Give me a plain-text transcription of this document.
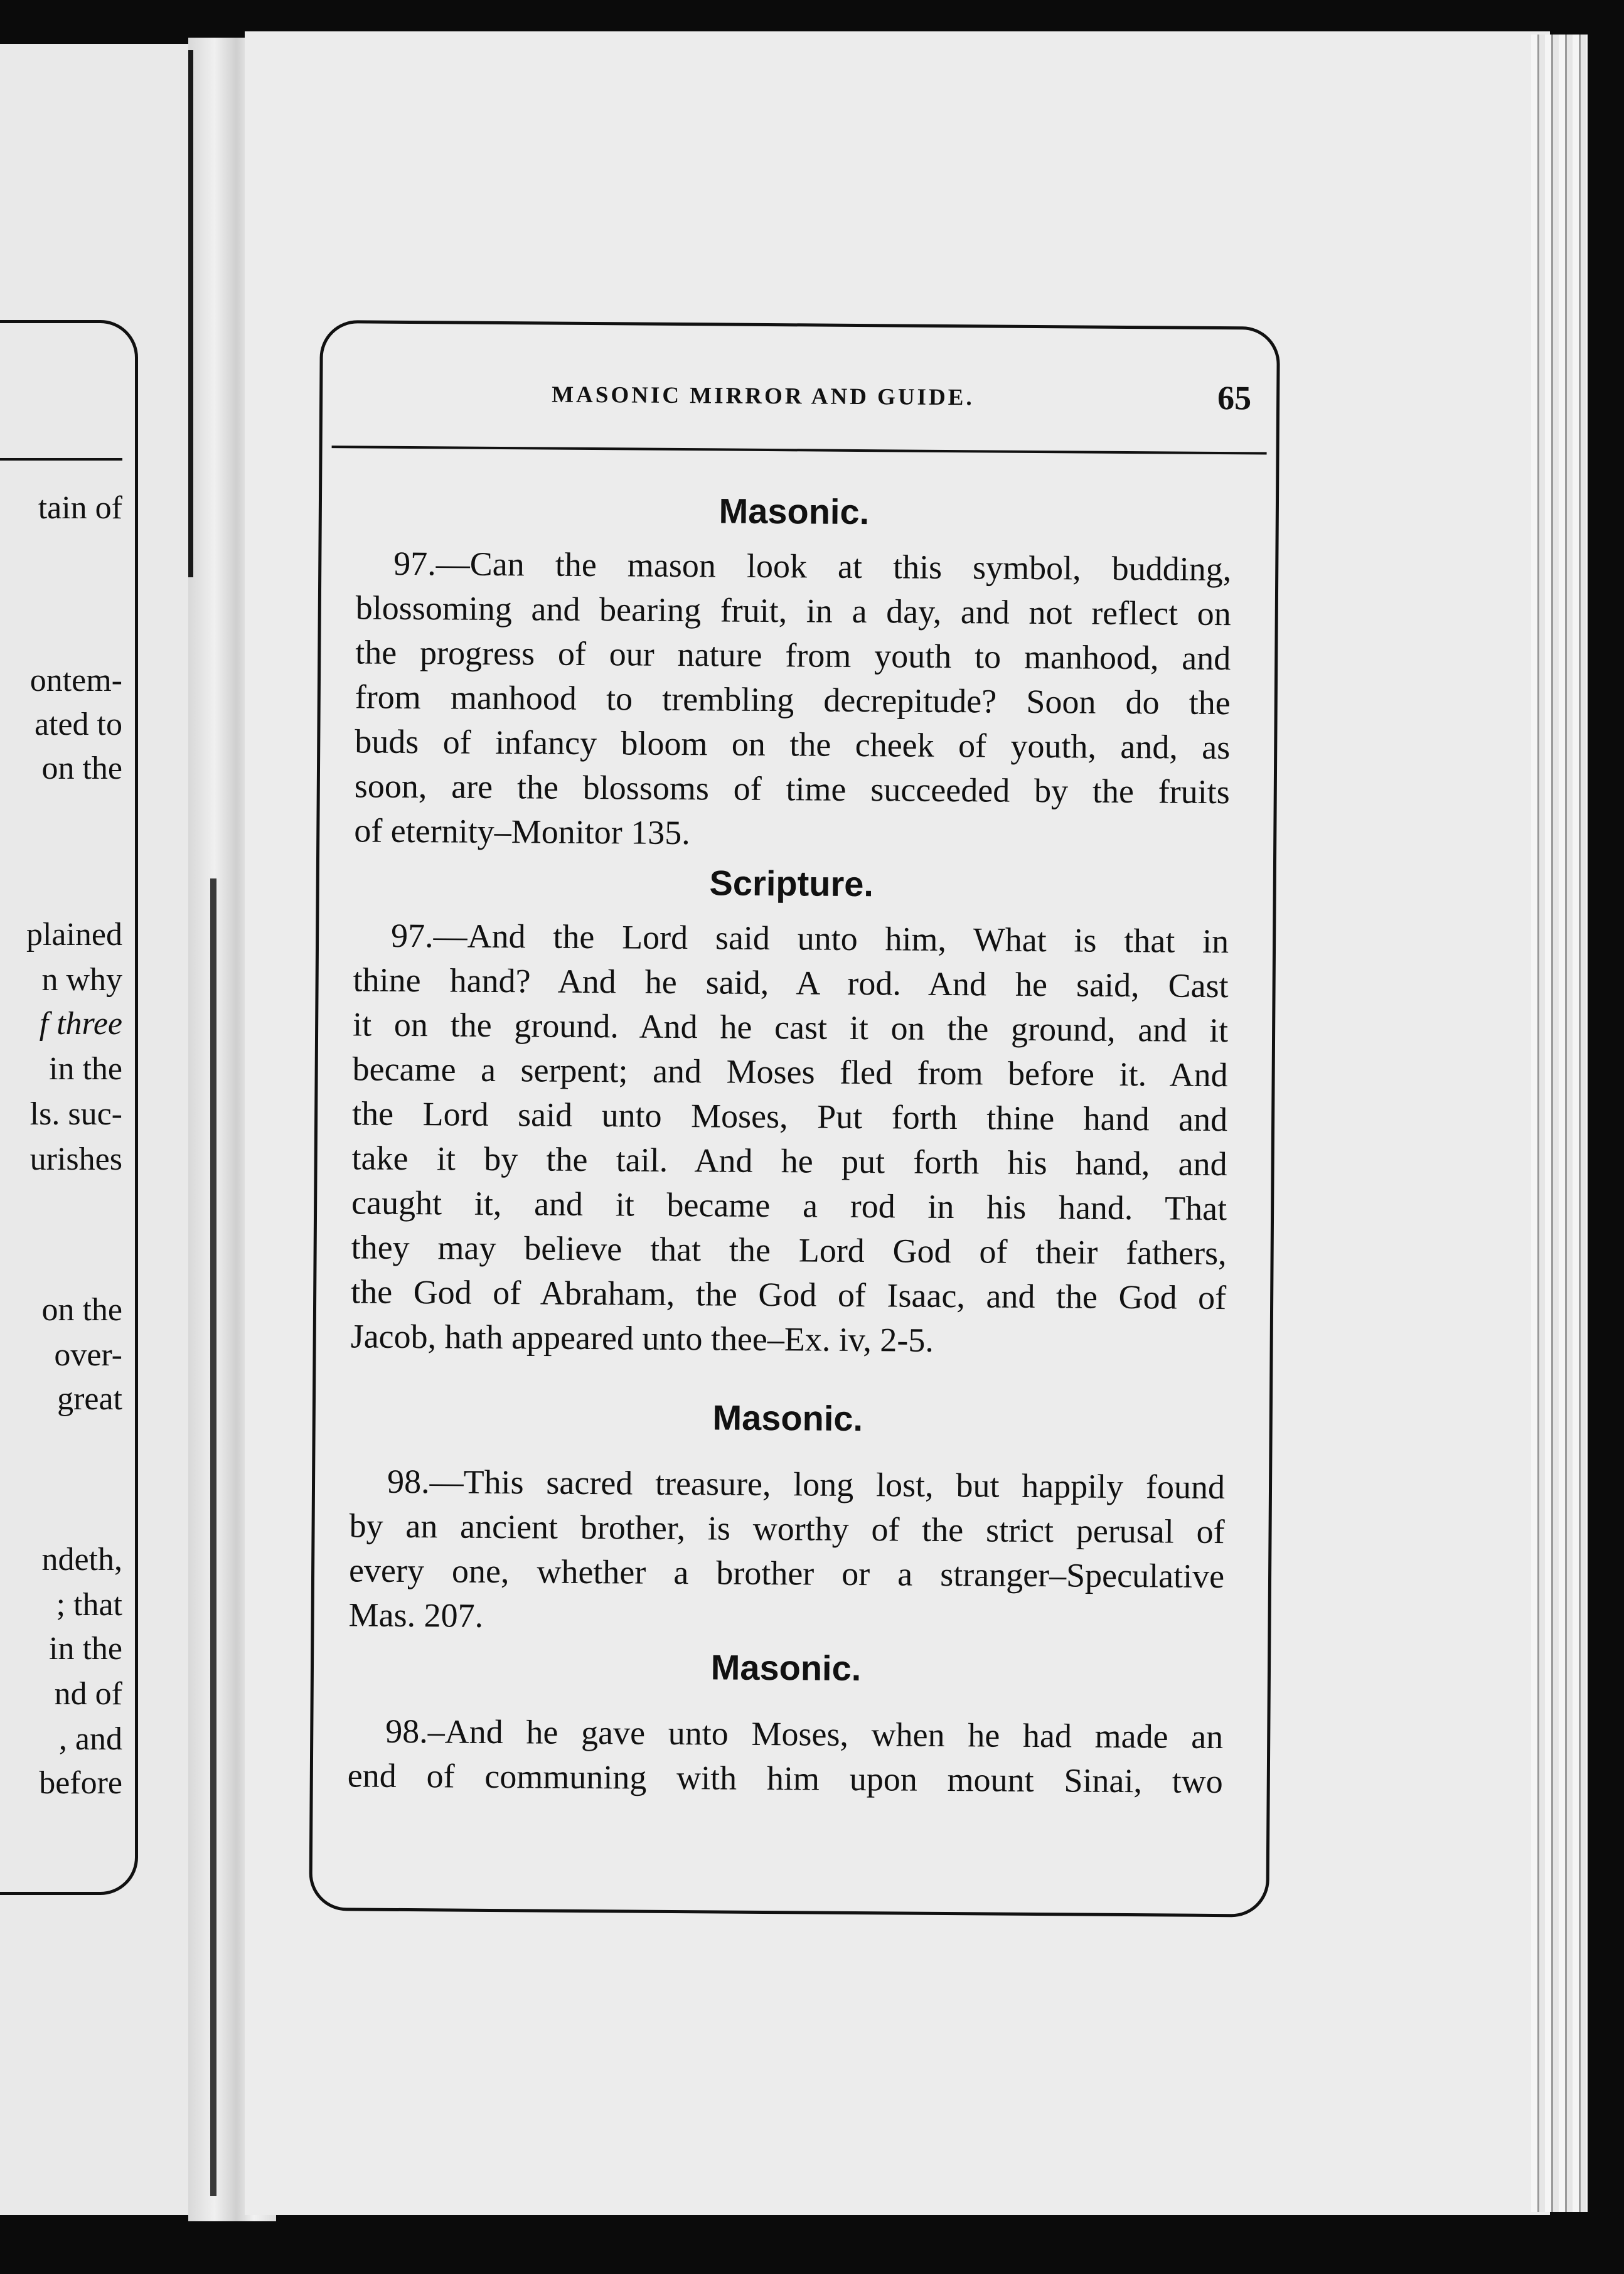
tain of
ontem-
ated to
on the
plained
n why
f three
in the
ls. suc-
urishes
on the
over-
great
ndeth,
; that
in the
nd of
, and
before
MASONIC MIRROR AND GUIDE.	65
Masonic.

97.—Can the mason look at this symbol, budding,
blossoming and bearing fruit, in a day, and not reflect on
the progress of our nature from youth to manhood, and
from manhood to trembling decrepitude? Soon do the
buds of infancy bloom on the cheek of youth, and, as
soon, are the blossoms of time succeeded by the fruits
of eternity–Monitor 135.

Scripture.

97.—And the Lord said unto him, What is that in
thine hand? And he said, A rod. And he said, Cast
it on the ground. And he cast it on the ground, and it
became a serpent; and Moses fled from before it. And
the Lord said unto Moses, Put forth thine hand and
take it by the tail. And he put forth his hand, and
caught it, and it became a rod in his hand. That
they may believe that the Lord God of their fathers,
the God of Abraham, the God of Isaac, and the God of
Jacob, hath appeared unto thee–Ex. iv, 2-5.

Masonic.

98.—This sacred treasure, long lost, but happily found
by an ancient brother, is worthy of the strict perusal of
every one, whether a brother or a stranger–Speculative
Mas. 207.

Masonic.

98.–And he gave unto Moses, when he had made an
end of communing with him upon mount Sinai, two
